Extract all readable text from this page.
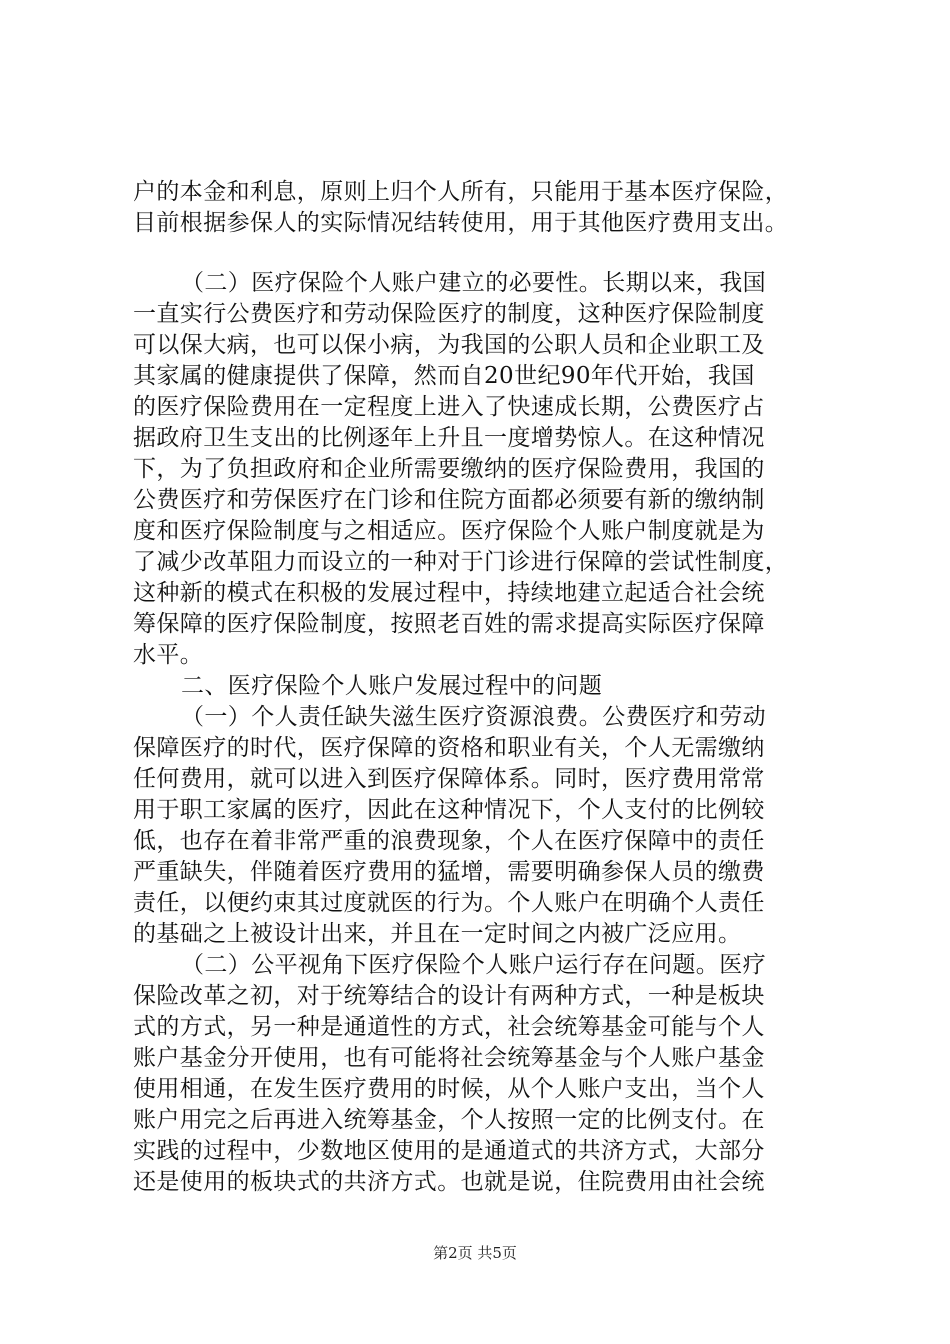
户的本金和利息，原则上归个人所有，只能用于基本医疗保险，
目前根据参保人的实际情况结转使用，用于其他医疗费用支出。
（二）医疗保险个人账户建立的必要性。长期以来，我国
一直实行公费医疗和劳动保险医疗的制度，这种医疗保险制度
可以保大病，也可以保小病，为我国的公职人员和企业职工及
其家属的健康提供了保障，然而自20世纪90年代开始，我国
的医疗保险费用在一定程度上进入了快速成长期，公费医疗占
据政府卫生支出的比例逐年上升且一度增势惊人。在这种情况
下，为了负担政府和企业所需要缴纳的医疗保险费用，我国的
公费医疗和劳保医疗在门诊和住院方面都必须要有新的缴纳制
度和医疗保险制度与之相适应。医疗保险个人账户制度就是为
了减少改革阻力而设立的一种对于门诊进行保障的尝试性制度，
这种新的模式在积极的发展过程中，持续地建立起适合社会统
筹保障的医疗保险制度，按照老百姓的需求提高实际医疗保障
水平。
二、医疗保险个人账户发展过程中的问题
（一）个人责任缺失滋生医疗资源浪费。公费医疗和劳动
保障医疗的时代，医疗保障的资格和职业有关，个人无需缴纳
任何费用，就可以进入到医疗保障体系。同时，医疗费用常常
用于职工家属的医疗，因此在这种情况下，个人支付的比例较
低，也存在着非常严重的浪费现象，个人在医疗保障中的责任
严重缺失，伴随着医疗费用的猛增，需要明确参保人员的缴费
责任，以便约束其过度就医的行为。个人账户在明确个人责任
的基础之上被设计出来，并且在一定时间之内被广泛应用。
（二）公平视角下医疗保险个人账户运行存在问题。医疗
保险改革之初，对于统筹结合的设计有两种方式，一种是板块
式的方式，另一种是通道性的方式，社会统筹基金可能与个人
账户基金分开使用，也有可能将社会统筹基金与个人账户基金
使用相通，在发生医疗费用的时候，从个人账户支出，当个人
账户用完之后再进入统筹基金，个人按照一定的比例支付。在
实践的过程中，少数地区使用的是通道式的共济方式，大部分
还是使用的板块式的共济方式。也就是说，住院费用由社会统
第2页 共5页
